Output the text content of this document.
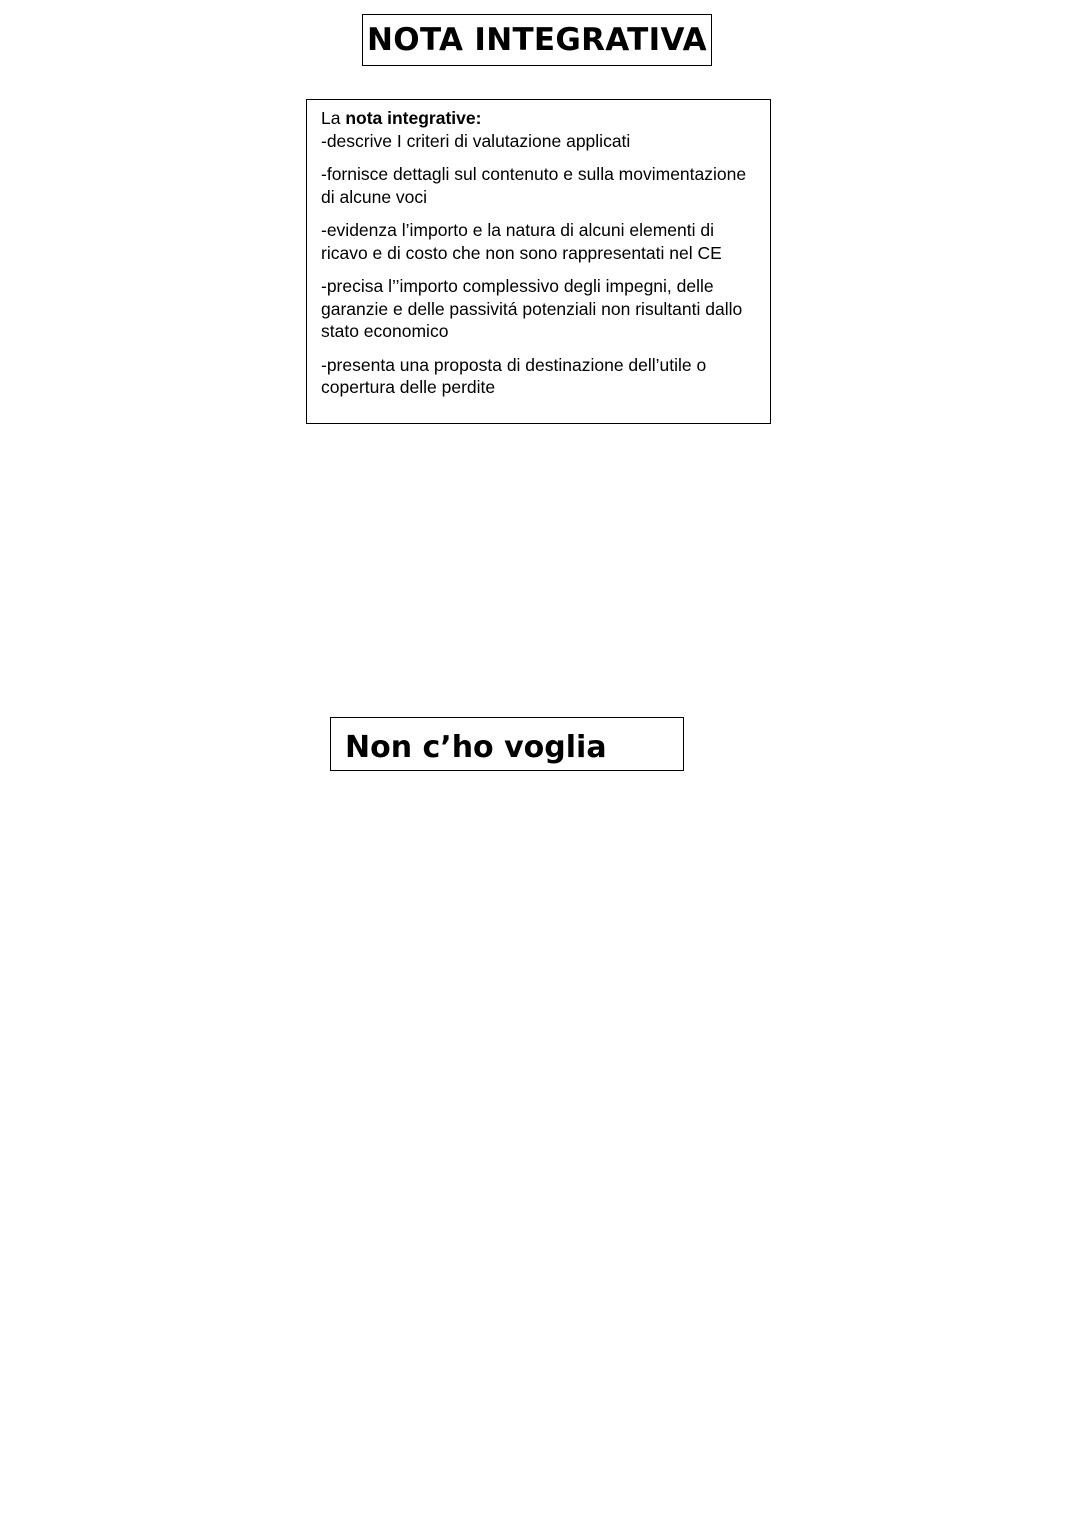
NOTA INTEGRATIVA

La nota integrative:

-descrive I criteri di valutazione applicati
-fornisce dettagli sul contenuto e sulla movimentazione di alcune voci
-evidenza l’importo e la natura di alcuni elementi di ricavo e di costo che non sono rappresentati nel CE
-precisa l’’importo complessivo degli impegni, delle garanzie e delle passivitá potenziali non risultanti dallo stato economico
-presenta una proposta di destinazione dell’utile o copertura delle perdite
Non c’ho voglia
